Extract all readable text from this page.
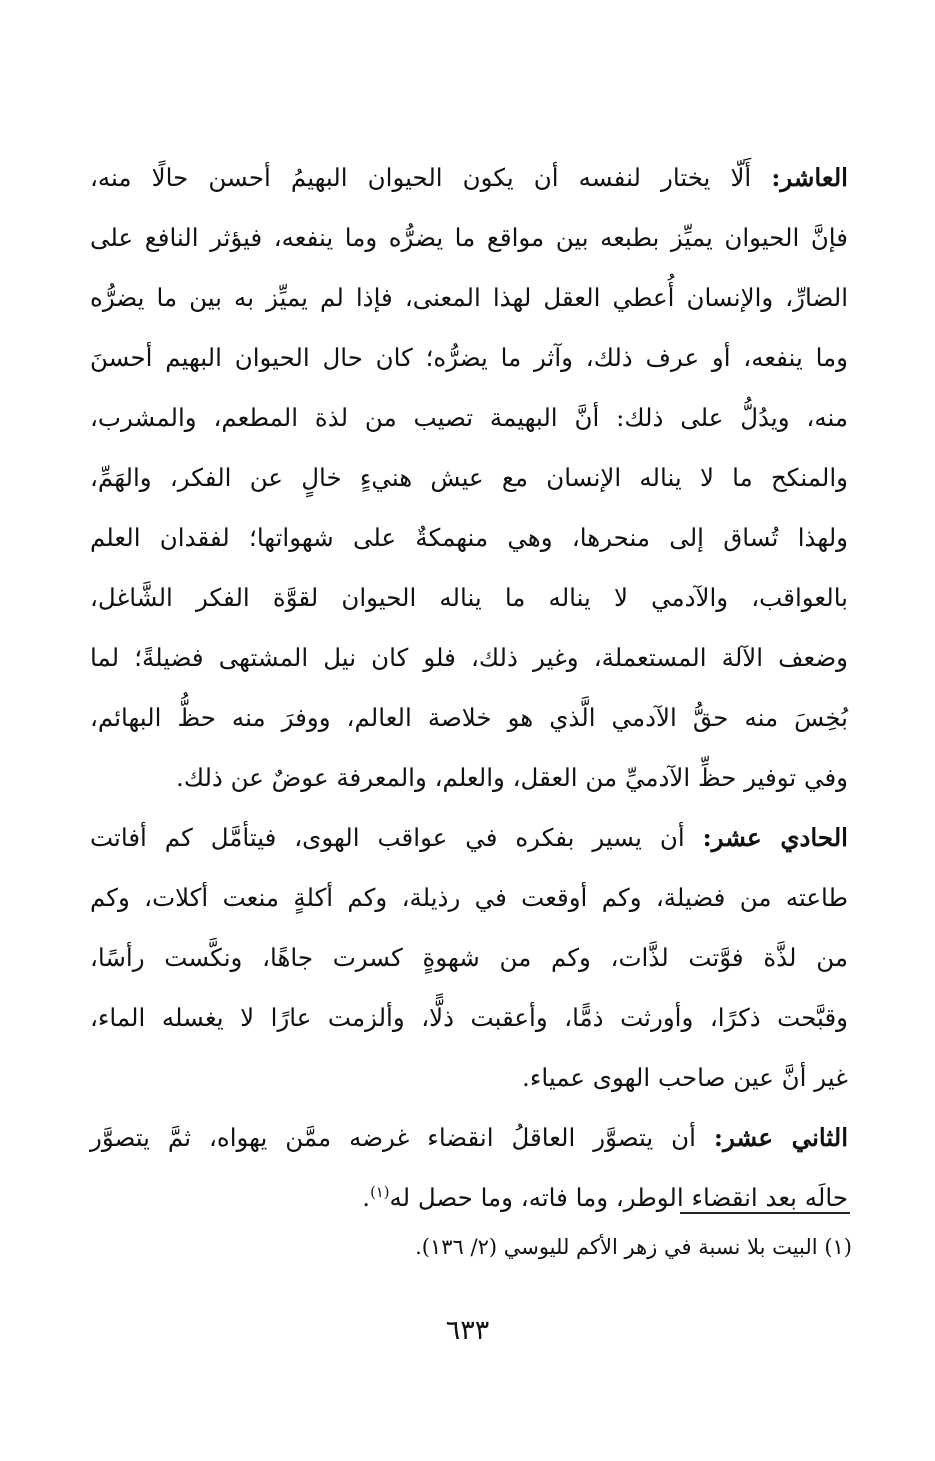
العاشر: أَلّا يختار لنفسه أن يكون الحيوان البهيمُ أحسن حالًا منه،
فإنَّ الحيوان يميِّز بطبعه بين مواقع ما يضرُّه وما ينفعه، فيؤثر النافع على
الضارِّ، والإنسان أُعطي العقل لهذا المعنى، فإذا لم يميِّز به بين ما يضرُّه
وما ينفعه، أو عرف ذلك، وآثر ما يضرُّه؛ كان حال الحيوان البهيم أحسنَ
منه، ويدُلُّ على ذلك: أنَّ البهيمة تصيب من لذة المطعم، والمشرب،
والمنكح ما لا يناله الإنسان مع عيش هنيءٍ خالٍ عن الفكر، والهَمِّ،
ولهذا تُساق إلى منحرها، وهي منهمكةٌ على شهواتها؛ لفقدان العلم
بالعواقب، والآدمي لا يناله ما يناله الحيوان لقوَّة الفكر الشَّاغل،
وضعف الآلة المستعملة، وغير ذلك، فلو كان نيل المشتهى فضيلةً؛ لما
بُخِسَ منه حقُّ الآدمي الَّذي هو خلاصة العالم، ووفرَ منه حظُّ البهائم،
وفي توفير حظِّ الآدميِّ من العقل، والعلم، والمعرفة عوضٌ عن ذلك.

الحادي عشر: أن يسير بفكره في عواقب الهوى، فيتأمَّل كم أفاتت
طاعته من فضيلة، وكم أوقعت في رذيلة، وكم أكلةٍ منعت أكلات، وكم
من لذَّة فوَّتت لذَّات، وكم من شهوةٍ كسرت جاهًا، ونكَّست رأسًا،
وقبَّحت ذكرًا، وأورثت ذمًّا، وأعقبت ذلًّا، وألزمت عارًا لا يغسله الماء،
غير أنَّ عين صاحب الهوى عمياء.

الثاني عشر: أن يتصوَّر العاقلُ انقضاء غرضه ممَّن يهواه، ثمَّ يتصوَّر
حالَه بعد انقضاء الوطر، وما فاته، وما حصل له$^{(١)}$.

(١) البيت بلا نسبة في زهر الأكم لليوسي (٢/ ١٣٦).
٦٣٣
